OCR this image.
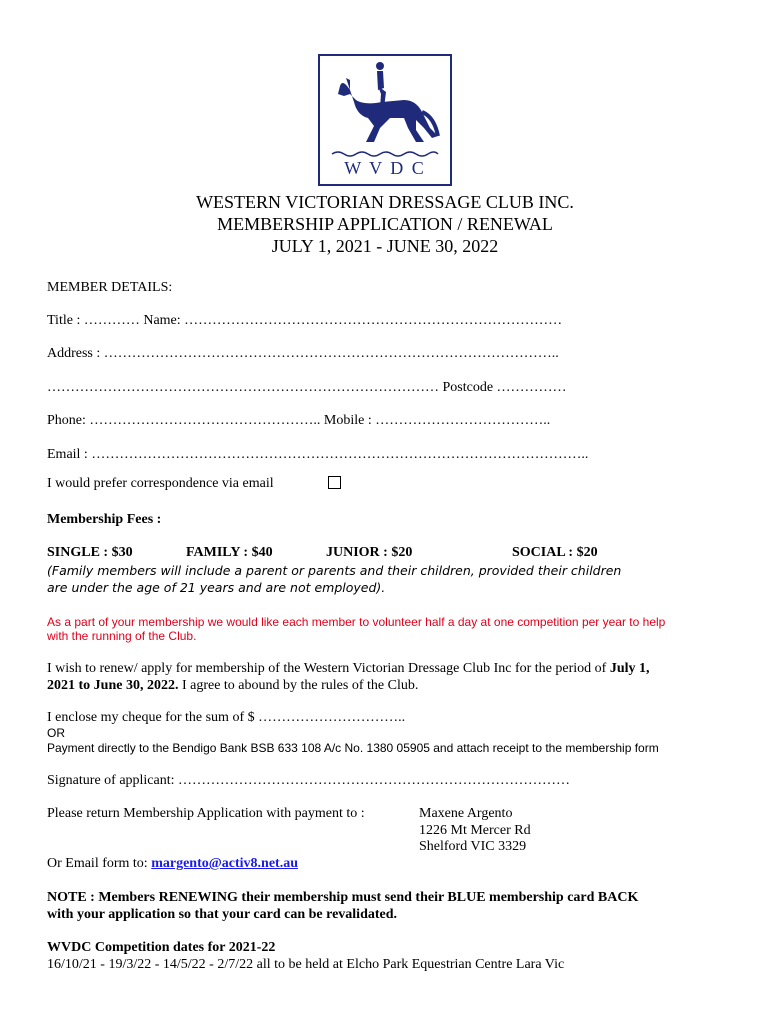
W V D C
WESTERN VICTORIAN DRESSAGE CLUB INC.
MEMBERSHIP APPLICATION / RENEWAL
JULY 1, 2021 - JUNE 30, 2022
MEMBER DETAILS:
Title : ………… Name: ………………………………………………………………………
Address : ……………………………………………………………………………………..
………………………………………………………………………… Postcode ……………
Phone: ………………………………………….. Mobile : ………………………………..
Email : ……………………………………………………………………………………………..
I would prefer correspondence via email
Membership Fees :
SINGLE : $30	FAMILY : $40	JUNIOR : $20	SOCIAL : $20
(Family members will include a parent or parents and their children, provided their children
are under the age of 21 years and are not employed).
As a part of your membership we would like each member to volunteer half a day at one competition per year to help
with the running of the Club.
I wish to renew/ apply for membership of the Western Victorian Dressage Club Inc for the period of July 1,
2021 to June 30, 2022. I agree to abound by the rules of the Club.
I enclose my cheque for the sum of $ …………………………..
OR
Payment directly to the Bendigo Bank BSB 633 108 A/c No. 1380 05905 and attach receipt to the membership form
Signature of applicant: …………………………………………………………………………
Please return Membership Application with payment to :	Maxene Argento
1226 Mt Mercer Rd
Shelford VIC 3329
Or Email form to: margento@activ8.net.au
NOTE : Members RENEWING their membership must send their BLUE membership card BACK
with your application so that your card can be revalidated.
WVDC Competition dates for 2021-22
16/10/21 - 19/3/22 - 14/5/22 - 2/7/22 all to be held at Elcho Park Equestrian Centre Lara Vic
